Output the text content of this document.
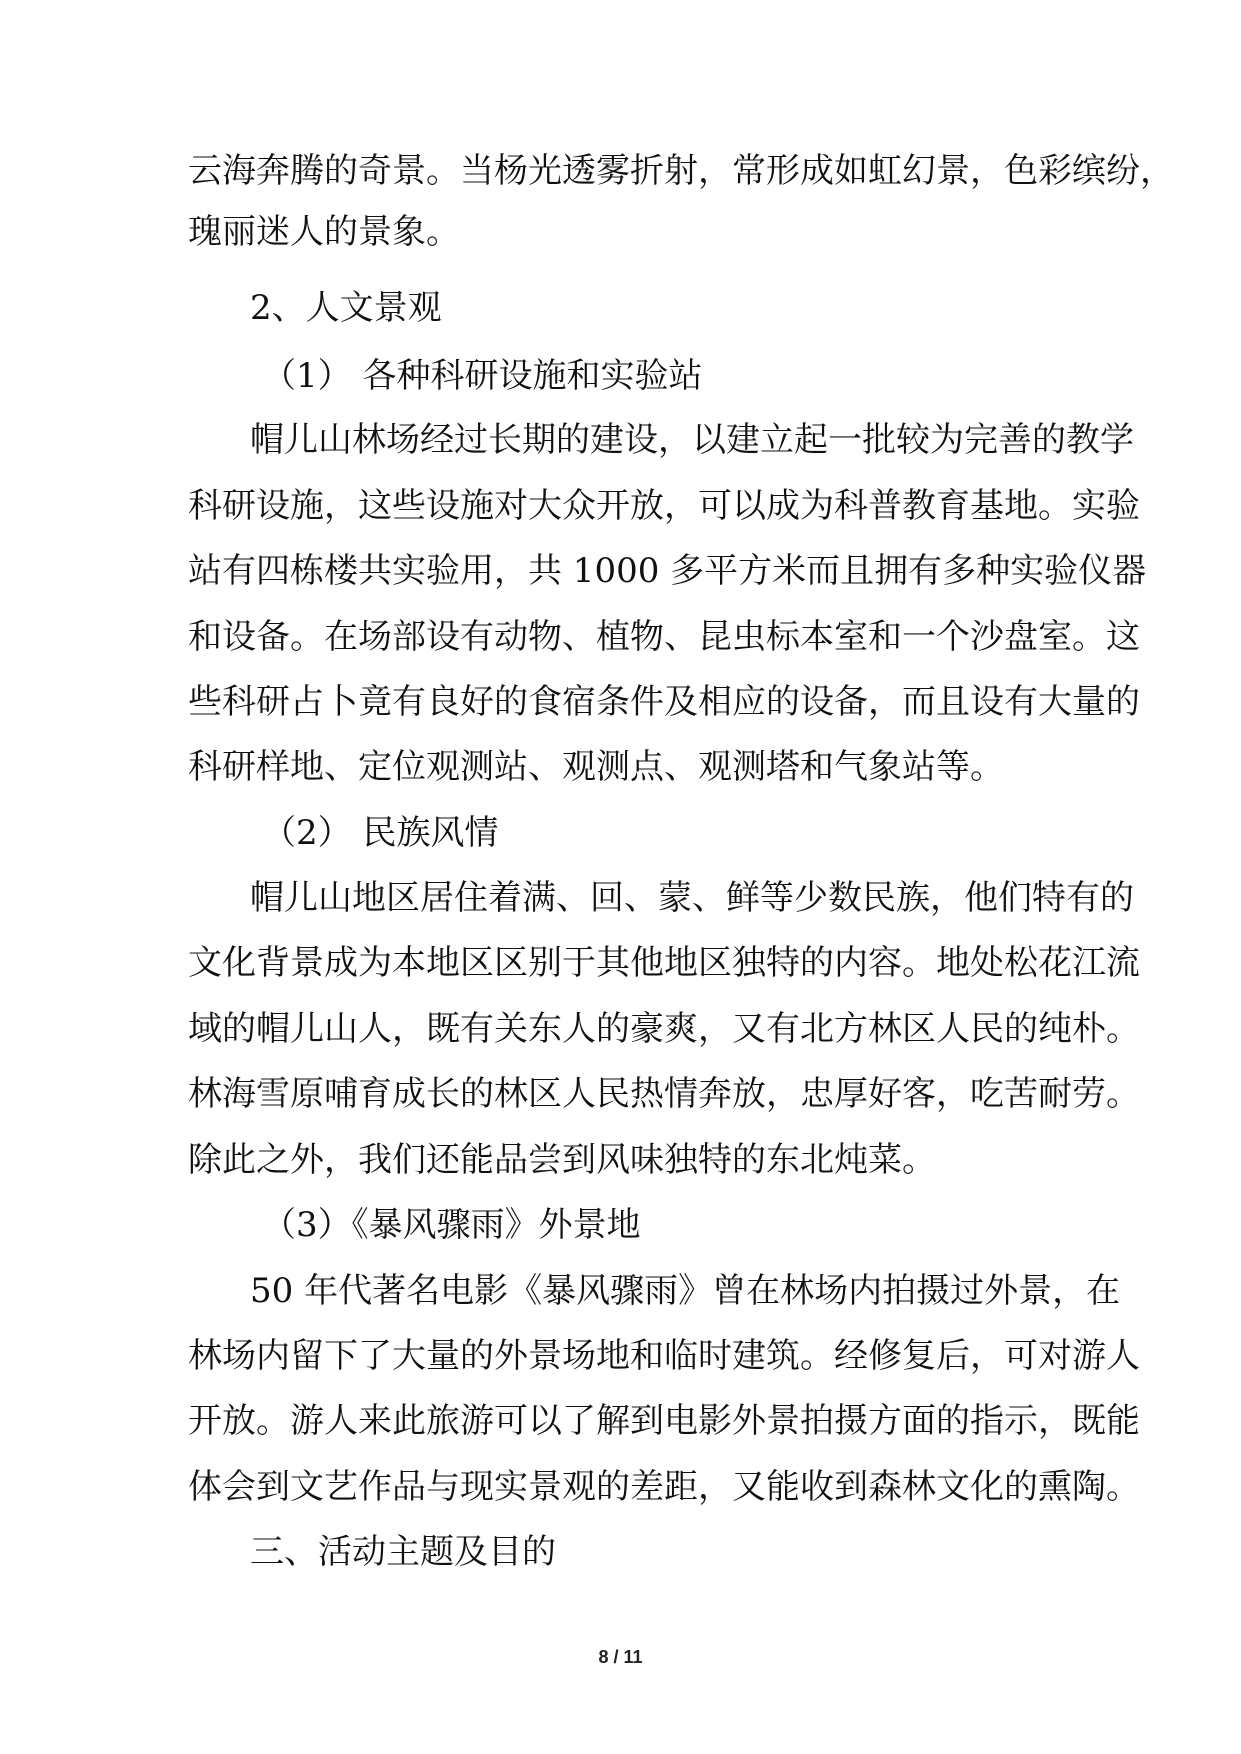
云海奔腾的奇景。当杨光透雾折射，常形成如虹幻景，色彩缤纷，
瑰丽迷人的景象。
2、人文景观
（1） 各种科研设施和实验站
帽儿山林场经过长期的建设，以建立起一批较为完善的教学
科研设施，这些设施对大众开放，可以成为科普教育基地。实验
站有四栋楼共实验用，共 1000 多平方米而且拥有多种实验仪器
和设备。在场部设有动物、植物、昆虫标本室和一个沙盘室。这
些科研占卜竟有良好的食宿条件及相应的设备，而且设有大量的
科研样地、定位观测站、观测点、观测塔和气象站等。
（2） 民族风情
帽儿山地区居住着满、回、蒙、鲜等少数民族，他们特有的
文化背景成为本地区区别于其他地区独特的内容。地处松花江流
域的帽儿山人，既有关东人的豪爽，又有北方林区人民的纯朴。
林海雪原哺育成长的林区人民热情奔放，忠厚好客，吃苦耐劳。
除此之外，我们还能品尝到风味独特的东北炖菜。
（3）《暴风骤雨》外景地
50 年代著名电影《暴风骤雨》曾在林场内拍摄过外景，在
林场内留下了大量的外景场地和临时建筑。经修复后，可对游人
开放。游人来此旅游可以了解到电影外景拍摄方面的指示，既能
体会到文艺作品与现实景观的差距，又能收到森林文化的熏陶。
三、活动主题及目的
8 / 11
